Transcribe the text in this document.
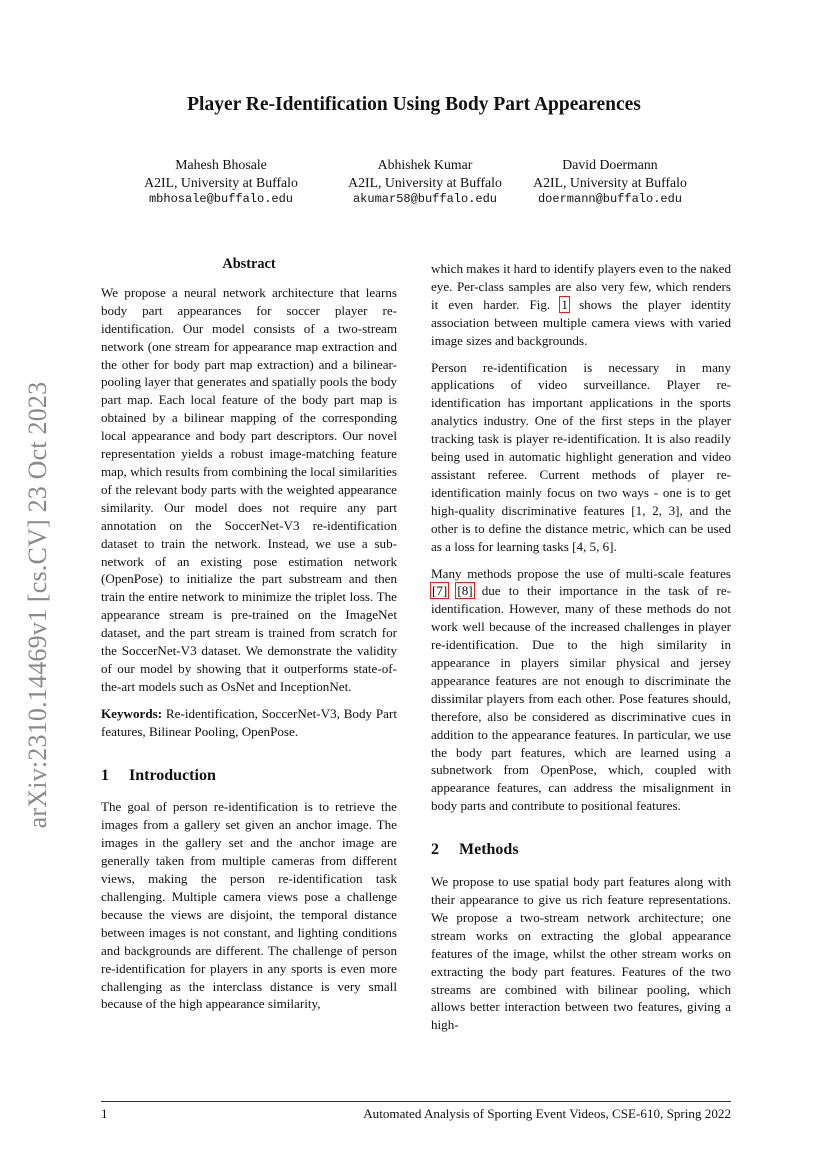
arXiv:2310.14469v1 [cs.CV] 23 Oct 2023
Player Re-Identification Using Body Part Appearences
Mahesh Bhosale
A2IL, University at Buffalo
mbhosale@buffalo.edu
Abhishek Kumar
A2IL, University at Buffalo
akumar58@buffalo.edu
David Doermann
A2IL, University at Buffalo
doermann@buffalo.edu
Abstract

We propose a neural network architecture that learns body part appearances for soccer player re-identification. Our model consists of a two-stream network (one stream for appearance map extraction and the other for body part map extraction) and a bilinear-pooling layer that generates and spatially pools the body part map. Each local feature of the body part map is obtained by a bilinear mapping of the corresponding local appearance and body part descriptors. Our novel representation yields a robust image-matching feature map, which results from combining the local similarities of the relevant body parts with the weighted appearance similarity. Our model does not require any part annotation on the SoccerNet-V3 re-identification dataset to train the network. Instead, we use a sub-network of an existing pose estimation network (OpenPose) to initialize the part substream and then train the entire network to minimize the triplet loss. The appearance stream is pre-trained on the ImageNet dataset, and the part stream is trained from scratch for the SoccerNet-V3 dataset. We demonstrate the validity of our model by showing that it outperforms state-of-the-art models such as OsNet and InceptionNet.

Keywords: Re-identification, SoccerNet-V3, Body Part features, Bilinear Pooling, OpenPose.

1 Introduction

The goal of person re-identification is to retrieve the images from a gallery set given an anchor image. The images in the gallery set and the anchor image are generally taken from multiple cameras from different views, making the person re-identification task challenging. Multiple camera views pose a challenge because the views are disjoint, the temporal distance between images is not constant, and lighting conditions and backgrounds are different. The challenge of person re-identification for players in any sports is even more challenging as the interclass distance is very small because of the high appearance similarity,

which makes it hard to identify players even to the naked eye. Per-class samples are also very few, which renders it even harder. Fig. 1 shows the player identity association between multiple camera views with varied image sizes and backgrounds.

Person re-identification is necessary in many applications of video surveillance. Player re-identification has important applications in the sports analytics industry. One of the first steps in the player tracking task is player re-identification. It is also readily being used in automatic highlight generation and video assistant referee. Current methods of player re-identification mainly focus on two ways - one is to get high-quality discriminative features [1, 2, 3], and the other is to define the distance metric, which can be used as a loss for learning tasks [4, 5, 6].

Many methods propose the use of multi-scale features [7] [8] due to their importance in the task of re-identification. However, many of these methods do not work well because of the increased challenges in player re-identification. Due to the high similarity in appearance in players similar physical and jersey appearance features are not enough to discriminate the dissimilar players from each other. Pose features should, therefore, also be considered as discriminative cues in addition to the appearance features. In particular, we use the body part features, which are learned using a subnetwork from OpenPose, which, coupled with appearance features, can address the misalignment in body parts and contribute to positional features.

2 Methods

We propose to use spatial body part features along with their appearance to give us rich feature representations. We propose a two-stream network architecture; one stream works on extracting the global appearance features of the image, whilst the other stream works on extracting the body part features. Features of the two streams are combined with bilinear pooling, which allows better interaction between two features, giving a high-

1	Automated Analysis of Sporting Event Videos, CSE-610, Spring 2022
